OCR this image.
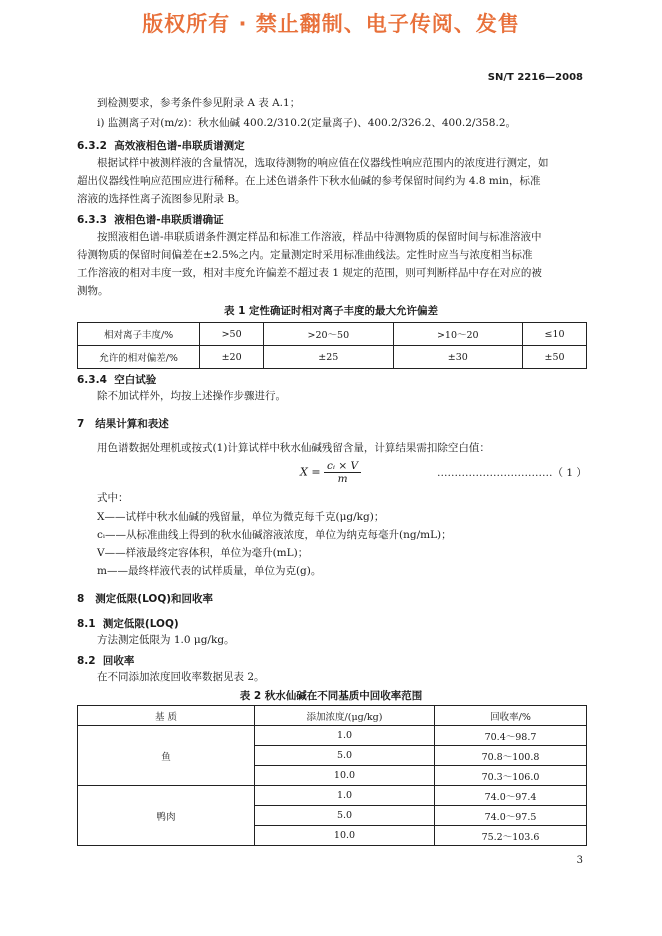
版权所有 · 禁止翻制、电子传阅、发售
SN/T 2216—2008
到检测要求，参考条件参见附录 A 表 A.1；
i) 监测离子对(m/z)：秋水仙碱 400.2/310.2(定量离子)、400.2/326.2、400.2/358.2。
6.3.2 高效液相色谱-串联质谱测定
根据试样中被测样液的含量情况，选取待测物的响应值在仪器线性响应范围内的浓度进行测定，如
超出仪器线性响应范围应进行稀释。在上述色谱条件下秋水仙碱的参考保留时间约为 4.8 min，标准
溶液的选择性离子流图参见附录 B。
6.3.3 液相色谱-串联质谱确证
按照液相色谱-串联质谱条件测定样品和标准工作溶液，样品中待测物质的保留时间与标准溶液中
待测物质的保留时间偏差在±2.5%之内。定量测定时采用标准曲线法。定性时应当与浓度相当标准
工作溶液的相对丰度一致，相对丰度允许偏差不超过表 1 规定的范围，则可判断样品中存在对应的被
测物。
表 1 定性确证时相对离子丰度的最大允许偏差
相对离子丰度/%	>50	>20～50	>10～20	≤10
允许的相对偏差/%	±20	±25	±30	±50
6.3.4 空白试验
除不加试样外，均按上述操作步骤进行。
7 结果计算和表述
用色谱数据处理机或按式(1)计算试样中秋水仙碱残留含量，计算结果需扣除空白值：
$X = \frac{\text{cᵢ × V}}{m}$	……………………………（ 1 ）
式中：
X——试样中秋水仙碱的残留量，单位为微克每千克(μg/kg)；
cᵢ——从标准曲线上得到的秋水仙碱溶液浓度，单位为纳克每毫升(ng/mL)；
V——样液最终定容体积，单位为毫升(mL)；
m——最终样液代表的试样质量，单位为克(g)。
8 测定低限(LOQ)和回收率
8.1 测定低限(LOQ)
方法测定低限为 1.0 μg/kg。
8.2 回收率
在不同添加浓度回收率数据见表 2。
表 2 秋水仙碱在不同基质中回收率范围
基 质	添加浓度/(μg/kg)	回收率/%
鱼	1.0	70.4～98.7
	5.0	70.8～100.8
	10.0	70.3～106.0
鸭肉	1.0	74.0～97.4
	5.0	74.0～97.5
	10.0	75.2～103.6
3
